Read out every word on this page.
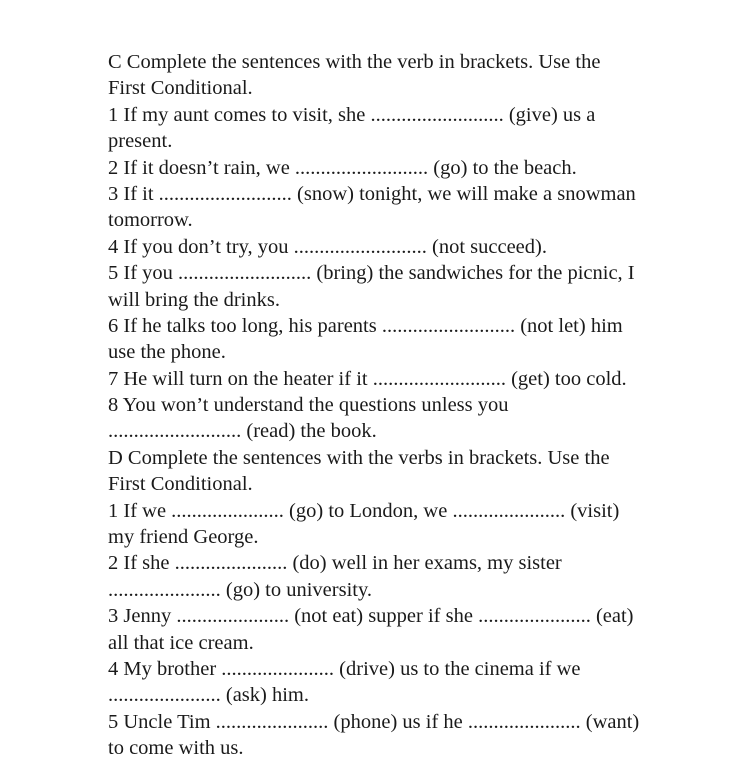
C Complete the sentences with the verb in brackets. Use the
First Conditional.
1 If my aunt comes to visit, she .......................... (give) us a
present.
2 If it doesn’t rain, we .......................... (go) to the beach.
3 If it .......................... (snow) tonight, we will make a snowman
tomorrow.
4 If you don’t try, you .......................... (not succeed).
5 If you .......................... (bring) the sandwiches for the picnic, I
will bring the drinks.
6 If he talks too long, his parents .......................... (not let) him
use the phone.
7 He will turn on the heater if it .......................... (get) too cold.
8 You won’t understand the questions unless you
.......................... (read) the book.
D Complete the sentences with the verbs in brackets. Use the
First Conditional.
1 If we ...................... (go) to London, we ...................... (visit)
my friend George.
2 If she ...................... (do) well in her exams, my sister
...................... (go) to university.
3 Jenny ...................... (not eat) supper if she ...................... (eat)
all that ice cream.
4 My brother ...................... (drive) us to the cinema if we
...................... (ask) him.
5 Uncle Tim ...................... (phone) us if he ...................... (want)
to come with us.
